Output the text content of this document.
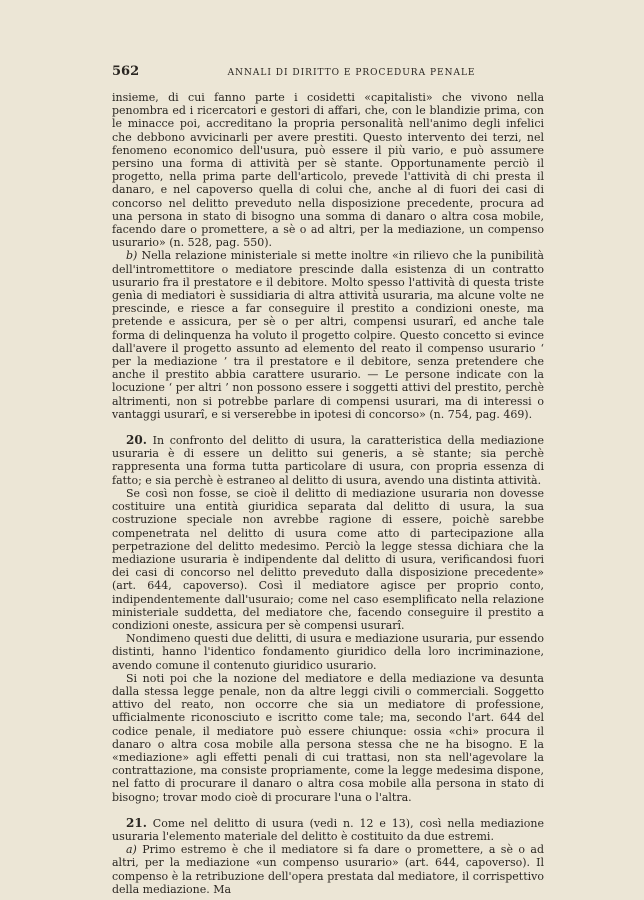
562	ANNALI DI DIRITTO E PROCEDURA PENALE

insieme, di cui fanno parte i cosidetti «capitalisti» che vivono nella penombra ed i ricercatori e gestori di affari, che, con le blandizie prima, con le minacce poi, accreditano la propria personalità nell'animo degli infelici che debbono avvicinarli per avere prestiti. Questo intervento dei terzi, nel fenomeno economico dell'usura, può essere il più vario, e può assumere persino una forma di attività per sè stante. Opportunamente perciò il progetto, nella prima parte dell'articolo, prevede l'attività di chi presta il danaro, e nel capoverso quella di colui che, anche al di fuori dei casi di concorso nel delitto preveduto nella disposizione precedente, procura ad una persona in stato di bisogno una somma di danaro o altra cosa mobile, facendo dare o promettere, a sè o ad altri, per la mediazione, un compenso usurario» (n. 528, pag. 550).

b) Nella relazione ministeriale si mette inoltre «in rilievo che la punibilità dell'intromettitore o mediatore prescinde dalla esistenza di un contratto usurario fra il prestatore e il debitore. Molto spesso l'attività di questa triste genìa di mediatori è sussidiaria di altra attività usuraria, ma alcune volte ne prescinde, e riesce a far conseguire il prestito a condizioni oneste, ma pretende e assicura, per sè o per altri, compensi usurarî, ed anche tale forma di delinquenza ha voluto il progetto colpire. Questo concetto si evince dall'avere il progetto assunto ad elemento del reato il compenso usurario ‘ per la mediazione ’ tra il prestatore e il debitore, senza pretendere che anche il prestito abbia carattere usurario. — Le persone indicate con la locuzione ‘ per altri ’ non possono essere i soggetti attivi del prestito, perchè altrimenti, non si potrebbe parlare di compensi usurari, ma di interessi o vantaggi usurarî, e si verserebbe in ipotesi di concorso» (n. 754, pag. 469).

20. In confronto del delitto di usura, la caratteristica della mediazione usuraria è di essere un delitto sui generis, a sè stante; sia perchè rappresenta una forma tutta particolare di usura, con propria essenza di fatto; e sia perchè è estraneo al delitto di usura, avendo una distinta attività.

Se così non fosse, se cioè il delitto di mediazione usuraria non dovesse costituire una entità giuridica separata dal delitto di usura, la sua costruzione speciale non avrebbe ragione di essere, poichè sarebbe compenetrata nel delitto di usura come atto di partecipazione alla perpetrazione del delitto medesimo. Perciò la legge stessa dichiara che la mediazione usuraria è indipendente dal delitto di usura, verificandosi fuori dei casi di concorso nel delitto preveduto dalla disposizione precedente» (art. 644, capoverso). Così il mediatore agisce per proprio conto, indipendentemente dall'usuraio; come nel caso esemplificato nella relazione ministeriale suddetta, del mediatore che, facendo conseguire il prestito a condizioni oneste, assicura per sè compensi usurarî.

Nondimeno questi due delitti, di usura e mediazione usuraria, pur essendo distinti, hanno l'identico fondamento giuridico della loro incriminazione, avendo comune il contenuto giuridico usurario.

Si noti poi che la nozione del mediatore e della mediazione va desunta dalla stessa legge penale, non da altre leggi civili o commerciali. Soggetto attivo del reato, non occorre che sia un mediatore di professione, ufficialmente riconosciuto e iscritto come tale; ma, secondo l'art. 644 del codice penale, il mediatore può essere chiunque: ossia «chi» procura il danaro o altra cosa mobile alla persona stessa che ne ha bisogno. E la «mediazione» agli effetti penali di cui trattasi, non sta nell'agevolare la contrattazione, ma consiste propriamente, come la legge medesima dispone, nel fatto di procurare il danaro o altra cosa mobile alla persona in stato di bisogno; trovar modo cioè di procurare l'una o l'altra.

21. Come nel delitto di usura (vedi n. 12 e 13), così nella mediazione usuraria l'elemento materiale del delitto è costituito da due estremi.

a) Primo estremo è che il mediatore si fa dare o promettere, a sè o ad altri, per la mediazione «un compenso usurario» (art. 644, capoverso). Il compenso è la retribuzione dell'opera prestata dal mediatore, il corrispettivo della mediazione. Ma
